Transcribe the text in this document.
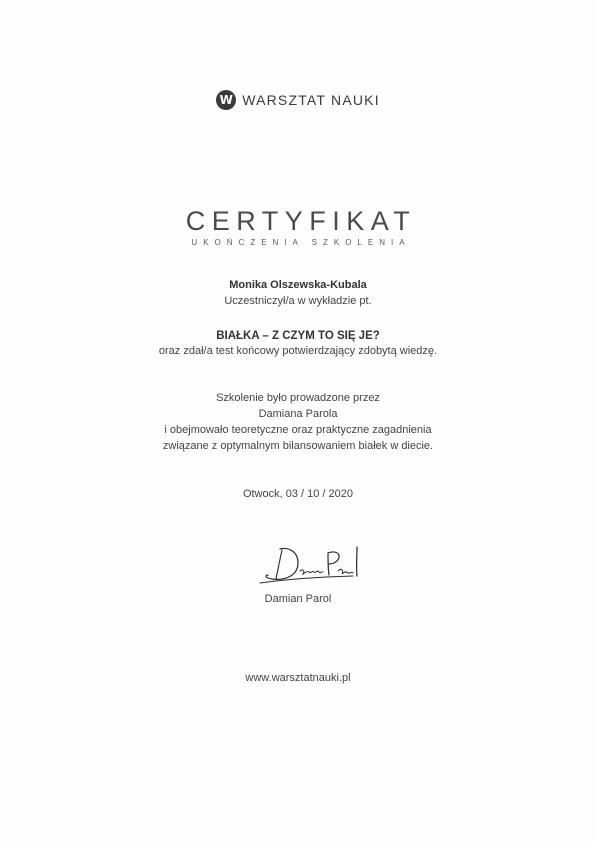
W WARSZTAT NAUKI
CERTYFIKAT
UKOŃCZENIA SZKOLENIA
Monika Olszewska-Kubala
Uczestniczył/a w wykładzie pt.
BIAŁKA – Z CZYM TO SIĘ JE?
oraz zdał/a test końcowy potwierdzający zdobytą wiedzę.
Szkolenie było prowadzone przez
Damiana Parola
i obejmowało teoretyczne oraz praktyczne zagadnienia
związane z optymalnym bilansowaniem białek w diecie.
Otwock, 03 / 10 / 2020
Damian Parol
www.warsztatnauki.pl
